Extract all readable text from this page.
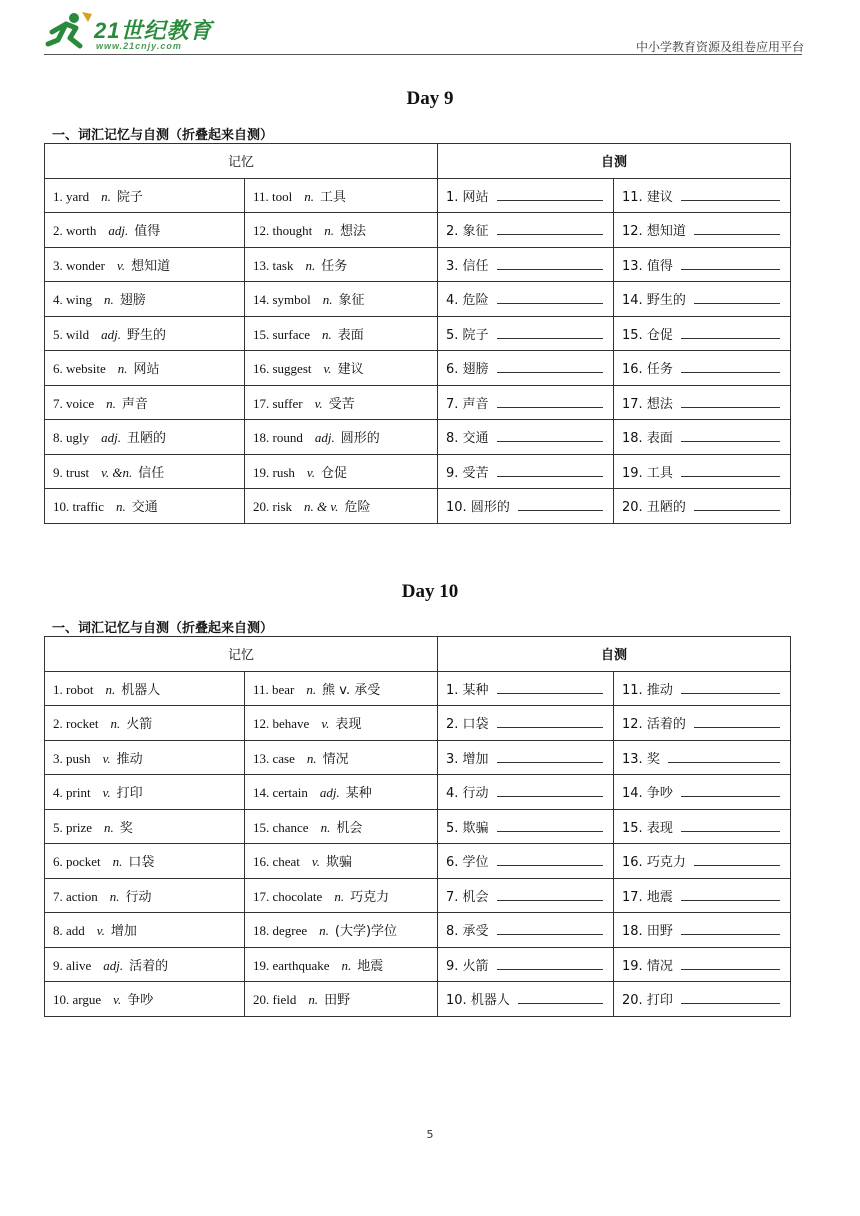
21世纪教育
www.21cnjy.com	中小学教育资源及组卷应用平台
Day 9
一、词汇记忆与自测（折叠起来自测）
记忆		自测	
1. yard n. 院子	11. tool n. 工具	1. 网站	11. 建议
2. worth adj. 值得	12. thought n. 想法	2. 象征	12. 想知道
3. wonder v. 想知道	13. task n. 任务	3. 信任	13. 值得
4. wing n. 翅膀	14. symbol n. 象征	4. 危险	14. 野生的
5. wild adj. 野生的	15. surface n. 表面	5. 院子	15. 仓促
6. website n. 网站	16. suggest v. 建议	6. 翅膀	16. 任务
7. voice n. 声音	17. suffer v. 受苦	7. 声音	17. 想法
8. ugly adj. 丑陋的	18. round adj. 圆形的	8. 交通	18. 表面
9. trust v. &n. 信任	19. rush v. 仓促	9. 受苦	19. 工具
10. traffic n. 交通	20. risk n. & v. 危险	10. 圆形的	20. 丑陋的
Day 10
一、词汇记忆与自测（折叠起来自测）
记忆		自测	
1. robot n. 机器人	11. bear n. 熊 v. 承受	1. 某种	11. 推动
2. rocket n. 火箭	12. behave v. 表现	2. 口袋	12. 活着的
3. push v. 推动	13. case n. 情况	3. 增加	13. 奖
4. print v. 打印	14. certain adj. 某种	4. 行动	14. 争吵
5. prize n. 奖	15. chance n. 机会	5. 欺骗	15. 表现
6. pocket n. 口袋	16. cheat v. 欺骗	6. 学位	16. 巧克力
7. action n. 行动	17. chocolate n. 巧克力	7. 机会	17. 地震
8. add v. 增加	18. degree n. (大学)学位	8. 承受	18. 田野
9. alive adj. 活着的	19. earthquake n. 地震	9. 火箭	19. 情况
10. argue v. 争吵	20. field n. 田野	10. 机器人	20. 打印
5
